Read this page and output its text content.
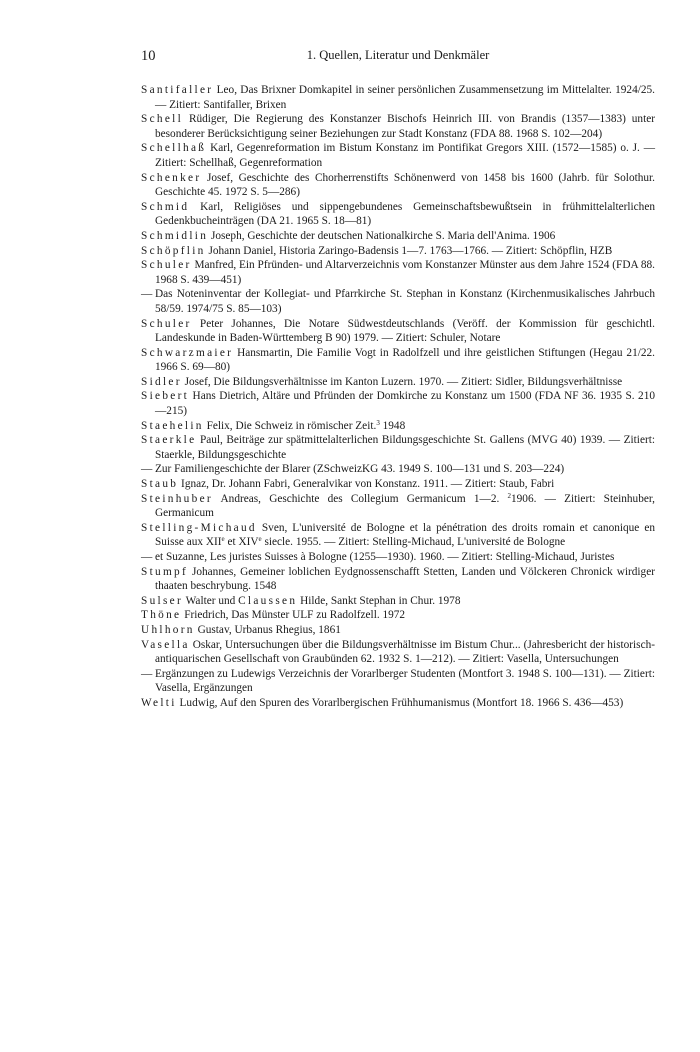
10	1. Quellen, Literatur und Denkmäler

Santifaller Leo, Das Brixner Domkapitel in seiner persönlichen Zusammensetzung im Mittelalter. 1924/25. — Zitiert: Santifaller, Brixen

Schell Rüdiger, Die Regierung des Konstanzer Bischofs Heinrich III. von Brandis (1357—1383) unter besonderer Berücksichtigung seiner Beziehungen zur Stadt Konstanz (FDA 88. 1968 S. 102—204)

Schellhaß Karl, Gegenreformation im Bistum Konstanz im Pontifikat Gregors XIII. (1572—1585) o. J. — Zitiert: Schellhaß, Gegenreformation

Schenker Josef, Geschichte des Chorherrenstifts Schönenwerd von 1458 bis 1600 (Jahrb. für Solothur. Geschichte 45. 1972 S. 5—286)

Schmid Karl, Religiöses und sippengebundenes Gemeinschaftsbewußtsein in frühmittelalterlichen Gedenkbucheinträgen (DA 21. 1965 S. 18—81)

Schmidlin Joseph, Geschichte der deutschen Nationalkirche S. Maria dell'Anima. 1906

Schöpflin Johann Daniel, Historia Zaringo-Badensis 1—7. 1763—1766. — Zitiert: Schöpflin, HZB

Schuler Manfred, Ein Pfründen- und Altarverzeichnis vom Konstanzer Münster aus dem Jahre 1524 (FDA 88. 1968 S. 439—451)

— Das Noteninventar der Kollegiat- und Pfarrkirche St. Stephan in Konstanz (Kirchenmusikalisches Jahrbuch 58/59. 1974/75 S. 85—103)

Schuler Peter Johannes, Die Notare Südwestdeutschlands (Veröff. der Kommission für geschichtl. Landeskunde in Baden-Württemberg B 90) 1979. — Zitiert: Schuler, Notare

Schwarzmaier Hansmartin, Die Familie Vogt in Radolfzell und ihre geistlichen Stiftungen (Hegau 21/22. 1966 S. 69—80)

Sidler Josef, Die Bildungsverhältnisse im Kanton Luzern. 1970. — Zitiert: Sidler, Bildungsverhältnisse

Siebert Hans Dietrich, Altäre und Pfründen der Domkirche zu Konstanz um 1500 (FDA NF 36. 1935 S. 210—215)

Staehelin Felix, Die Schweiz in römischer Zeit.$^3$ 1948

Staerkle Paul, Beiträge zur spätmittelalterlichen Bildungsgeschichte St. Gallens (MVG 40) 1939. — Zitiert: Staerkle, Bildungsgeschichte

— Zur Familiengeschichte der Blarer (ZSchweizKG 43. 1949 S. 100—131 und S. 203—224)

Staub Ignaz, Dr. Johann Fabri, Generalvikar von Konstanz. 1911. — Zitiert: Staub, Fabri

Steinhuber Andreas, Geschichte des Collegium Germanicum 1—2. $^2$1906. — Zitiert: Steinhuber, Germanicum

Stelling-Michaud Sven, L'université de Bologne et la pénétration des droits romain et canonique en Suisse aux XIIe et XIVe siecle. 1955. — Zitiert: Stelling-Michaud, L'université de Bologne

— et Suzanne, Les juristes Suisses à Bologne (1255—1930). 1960. — Zitiert: Stelling-Michaud, Juristes

Stumpf Johannes, Gemeiner loblichen Eydgnossenschafft Stetten, Landen und Völckeren Chronick wirdiger thaaten beschrybung. 1548

Sulser Walter und Claussen Hilde, Sankt Stephan in Chur. 1978

Thöne Friedrich, Das Münster ULF zu Radolfzell. 1972

Uhlhorn Gustav, Urbanus Rhegius, 1861

Vasella Oskar, Untersuchungen über die Bildungsverhältnisse im Bistum Chur... (Jahresbericht der historisch-antiquarischen Gesellschaft von Graubünden 62. 1932 S. 1—212). — Zitiert: Vasella, Untersuchungen

— Ergänzungen zu Ludewigs Verzeichnis der Vorarlberger Studenten (Montfort 3. 1948 S. 100—131). — Zitiert: Vasella, Ergänzungen

Welti Ludwig, Auf den Spuren des Vorarlbergischen Frühhumanismus (Montfort 18. 1966 S. 436—453)
